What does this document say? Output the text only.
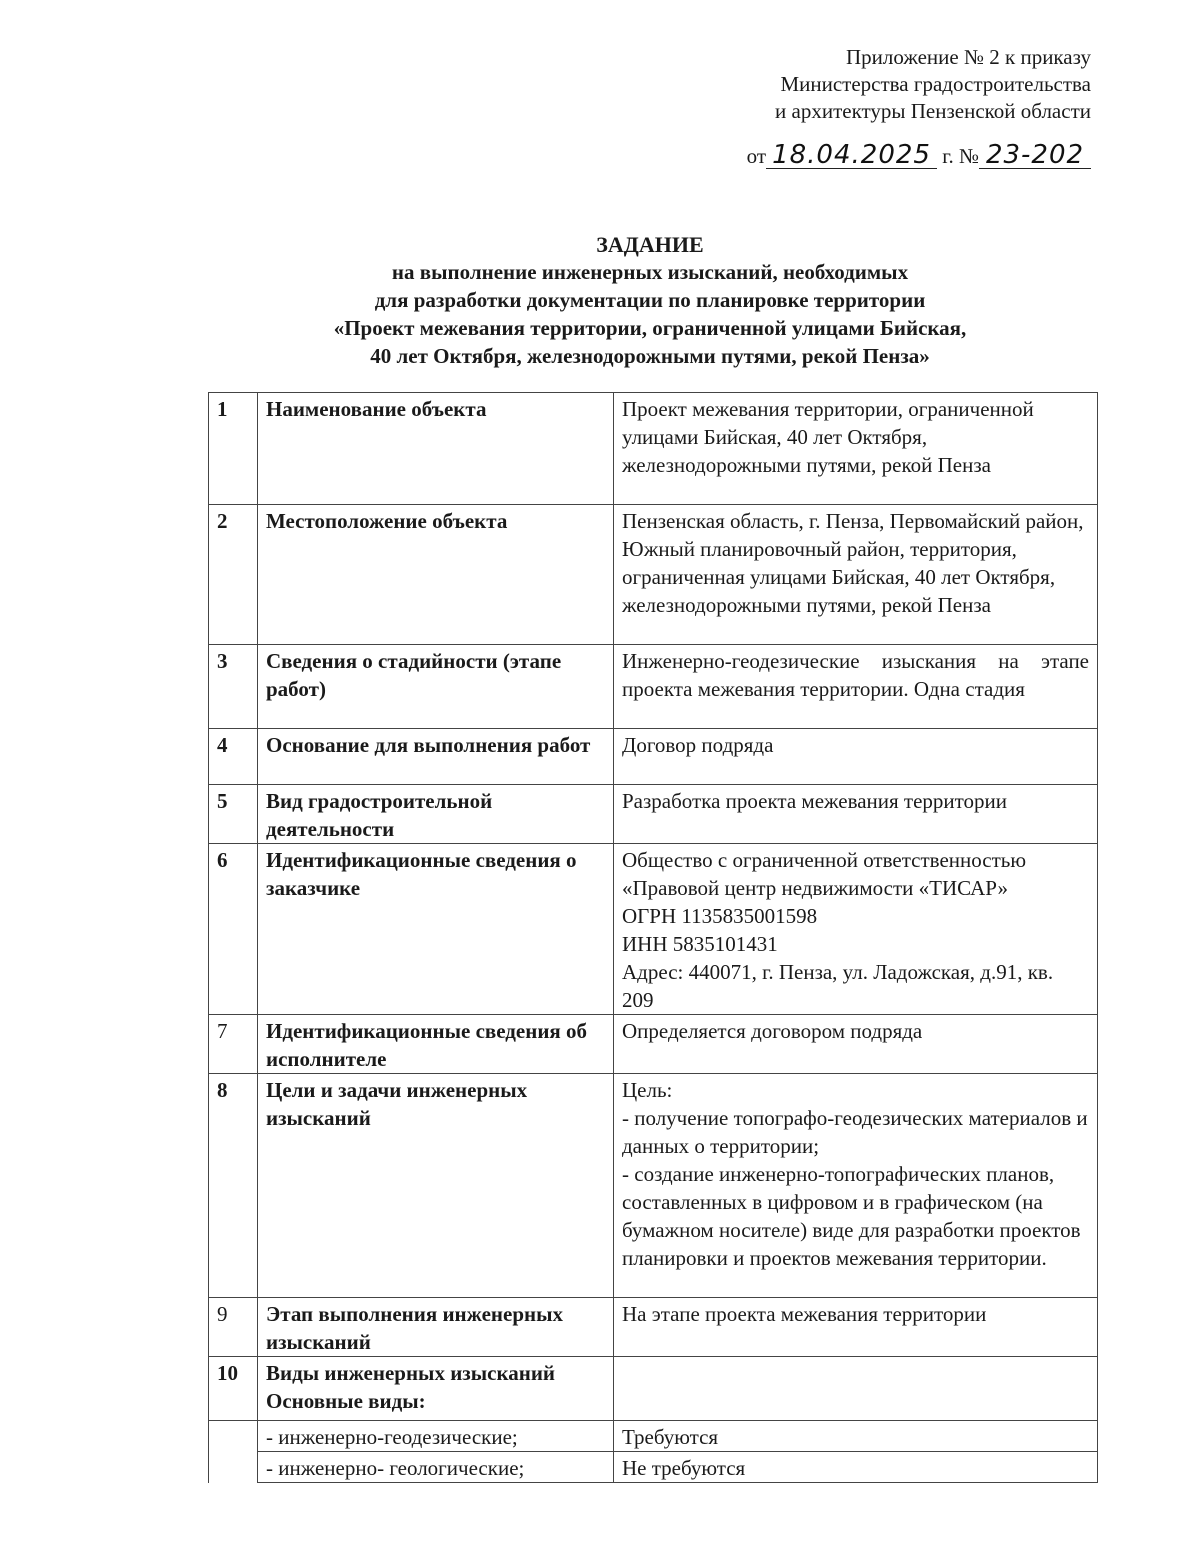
Приложение № 2 к приказу
Министерства градостроительства
и архитектуры Пензенской области
от 18.04.2025 г. № 23-202
ЗАДАНИЕ
на выполнение инженерных изысканий, необходимых
для разработки документации по планировке территории
«Проект межевания территории, ограниченной улицами Бийская,
40 лет Октября, железнодорожными путями, рекой Пенза»
1	Наименование объекта	Проект межевания территории, ограниченной улицами Бийская, 40 лет Октября, железнодорожными путями, рекой Пенза
2	Местоположение объекта	Пензенская область, г. Пенза, Первомайский район, Южный планировочный район, территория, ограниченная улицами Бийская, 40 лет Октября, железнодорожными путями, рекой Пенза
3	Сведения о стадийности (этапе работ)	Инженерно-геодезические изыскания на этапе проекта межевания территории. Одна стадия
4	Основание для выполнения работ	Договор подряда
5	Вид градостроительной деятельности	Разработка проекта межевания территории
6	Идентификационные сведения о заказчике	Общество с ограниченной ответственностью
«Правовой центр недвижимости «ТИСАР»
ОГРН 1135835001598
ИНН 5835101431
Адрес: 440071, г. Пенза, ул. Ладожская, д.91, кв. 209

7	Идентификационные сведения об исполнителе	Определяется договором подряда
8	Цели и задачи инженерных изысканий	Цель:
- получение топографо-геодезических материалов и данных о территории;
- создание инженерно-топографических планов, составленных в цифровом и в графическом (на бумажном носителе) виде для разработки проектов планировки и проектов межевания территории.

9	Этап выполнения инженерных изысканий	На этапе проекта межевания территории
10	Виды инженерных изысканий Основные виды:	
	- инженерно-геодезические;	Требуются
	- инженерно- геологические;	Не требуются
